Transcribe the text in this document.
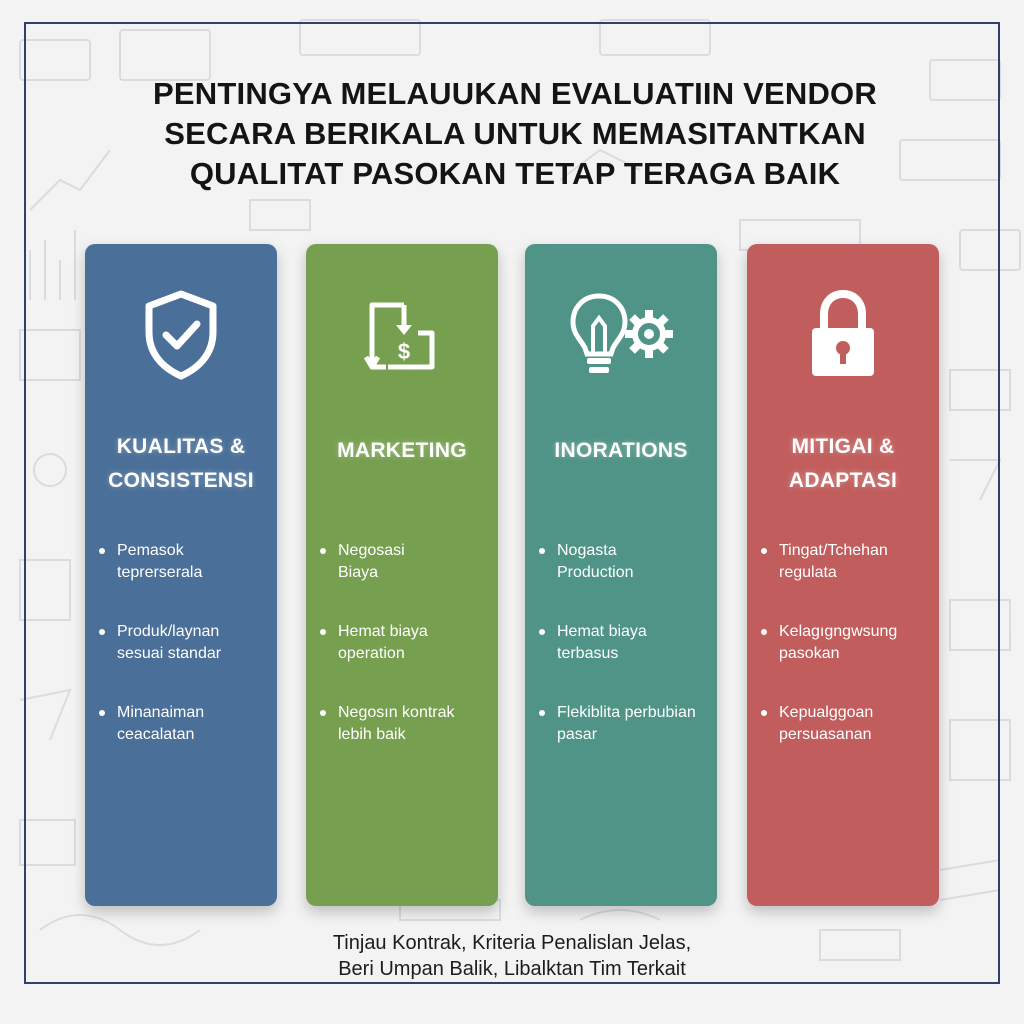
PENTINGYA MELAUUKAN EVALUATIIN VENDOR
SECARA BERIKALA UNTUK MEMASITANTKAN
QUALITAT PASOKAN TETAP TERAGA BAIK
KUALITAS &
CONSISTENSI
Pemasok
teprerserala
Produk/laynan
sesuai standar
Minanaiman
ceacalatan
$
MARKETING
Negosasi
Biaya
Hemat biaya
operation
Negosın kontrak
lebih baik
INORATIONS
Nogasta
Production
Hemat biaya
terbasus
Flekiblita perbubian
pasar
MITIGAI &
ADAPTASI
Tingat/Tchehan
regulata
Kelagıgngwsung
pasokan
Kepualggoan
persuasanan
Tinjau Kontrak, Kriteria Penalislan Jelas,
Beri Umpan Balik, Libalktan Tim Terkait
